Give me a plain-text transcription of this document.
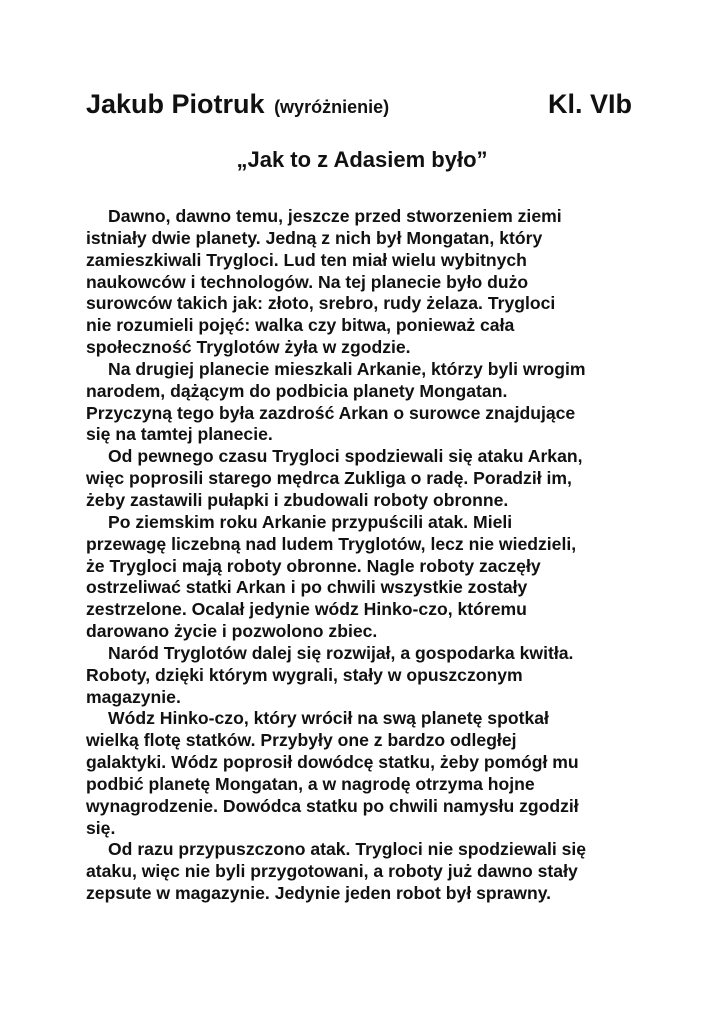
Jakub Piotruk (wyróżnienie)	Kl. VIb
„Jak to z Adasiem było”
Dawno, dawno temu, jeszcze przed stworzeniem ziemi
istniały dwie planety. Jedną z nich był Mongatan, który
zamieszkiwali Trygloci. Lud ten miał wielu wybitnych
naukowców i technologów. Na tej planecie było dużo
surowców takich jak: złoto, srebro, rudy żelaza. Trygloci
nie rozumieli pojęć: walka czy bitwa, ponieważ cała
społeczność Tryglotów żyła w zgodzie.
Na drugiej planecie mieszkali Arkanie, którzy byli wrogim
narodem, dążącym do podbicia planety Mongatan.
Przyczyną tego była zazdrość Arkan o surowce znajdujące
się na tamtej planecie.
Od pewnego czasu Trygloci spodziewali się ataku Arkan,
więc poprosili starego mędrca Zukliga o radę. Poradził im,
żeby zastawili pułapki i zbudowali roboty obronne.
Po ziemskim roku Arkanie przypuścili atak. Mieli
przewagę liczebną nad ludem Tryglotów, lecz nie wiedzieli,
że Trygloci mają roboty obronne. Nagle roboty zaczęły
ostrzeliwać statki Arkan i po chwili wszystkie zostały
zestrzelone. Ocalał jedynie wódz Hinko-czo, któremu
darowano życie i pozwolono zbiec.
Naród Tryglotów dalej się rozwijał, a gospodarka kwitła.
Roboty, dzięki którym wygrali, stały w opuszczonym
magazynie.
Wódz Hinko-czo, który wrócił na swą planetę spotkał
wielką flotę statków. Przybyły one z bardzo odległej
galaktyki. Wódz poprosił dowódcę statku, żeby pomógł mu
podbić planetę Mongatan, a w nagrodę otrzyma hojne
wynagrodzenie. Dowódca statku po chwili namysłu zgodził
się.
Od razu przypuszczono atak. Trygloci nie spodziewali się
ataku, więc nie byli przygotowani, a roboty już dawno stały
zepsute w magazynie. Jedynie jeden robot był sprawny.
